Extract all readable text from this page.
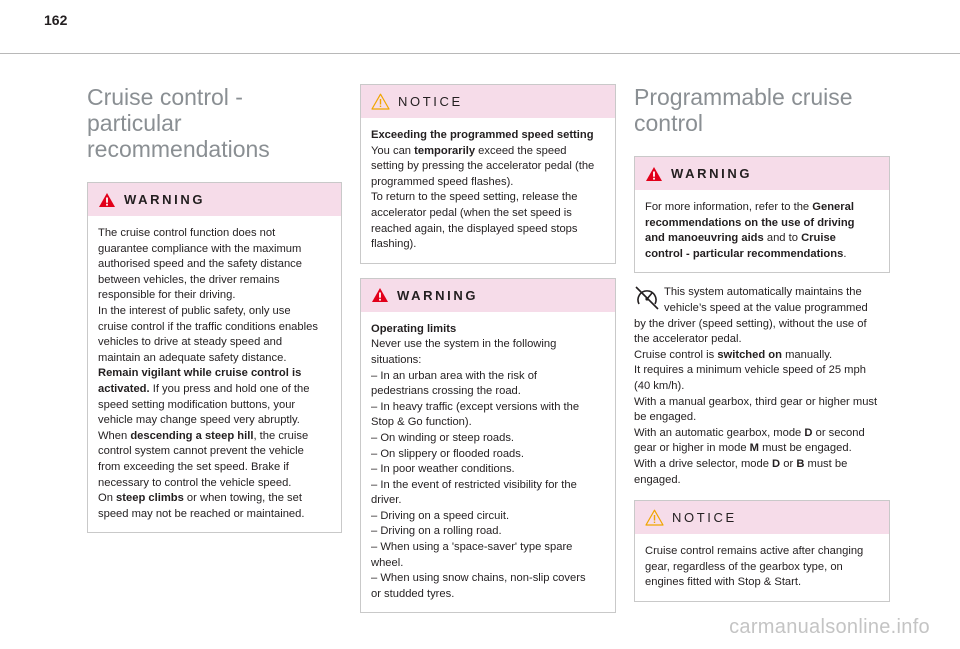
162
Cruise control - particular
recommendations
WARNING
The cruise control function does not
guarantee compliance with the maximum
authorised speed and the safety distance
between vehicles, the driver remains
responsible for their driving.
In the interest of public safety, only use
cruise control if the traffic conditions enables
vehicles to drive at steady speed and
maintain an adequate safety distance.
Remain vigilant while cruise control is
activated. If you press and hold one of the
speed setting modification buttons, your
vehicle may change speed very abruptly.
When descending a steep hill, the cruise
control system cannot prevent the vehicle
from exceeding the set speed. Brake if
necessary to control the vehicle speed.
On steep climbs or when towing, the set
speed may not be reached or maintained.
NOTICE
Exceeding the programmed speed setting
You can temporarily exceed the speed
setting by pressing the accelerator pedal (the
programmed speed flashes).
To return to the speed setting, release the
accelerator pedal (when the set speed is
reached again, the displayed speed stops
flashing).
WARNING
Operating limits
Never use the system in the following
situations:
– In an urban area with the risk of
pedestrians crossing the road.
– In heavy traffic (except versions with the
Stop & Go function).
– On winding or steep roads.
– On slippery or flooded roads.
– In poor weather conditions.
– In the event of restricted visibility for the
driver.
– Driving on a speed circuit.
– Driving on a rolling road.
– When using a 'space-saver' type spare
wheel.
– When using snow chains, non-slip covers
or studded tyres.
Programmable cruise
control
WARNING
For more information, refer to the General
recommendations on the use of driving
and manoeuvring aids and to Cruise
control - particular recommendations.
This system automatically maintains the
vehicle’s speed at the value programmed
by the driver (speed setting), without the use of
the accelerator pedal.
Cruise control is switched on manually.
It requires a minimum vehicle speed of 25 mph
(40 km/h).
With a manual gearbox, third gear or higher must
be engaged.
With an automatic gearbox, mode D or second
gear or higher in mode M must be engaged.
With a drive selector, mode D or B must be
engaged.
NOTICE
Cruise control remains active after changing
gear, regardless of the gearbox type, on
engines fitted with Stop & Start.
carmanualsonline.info
